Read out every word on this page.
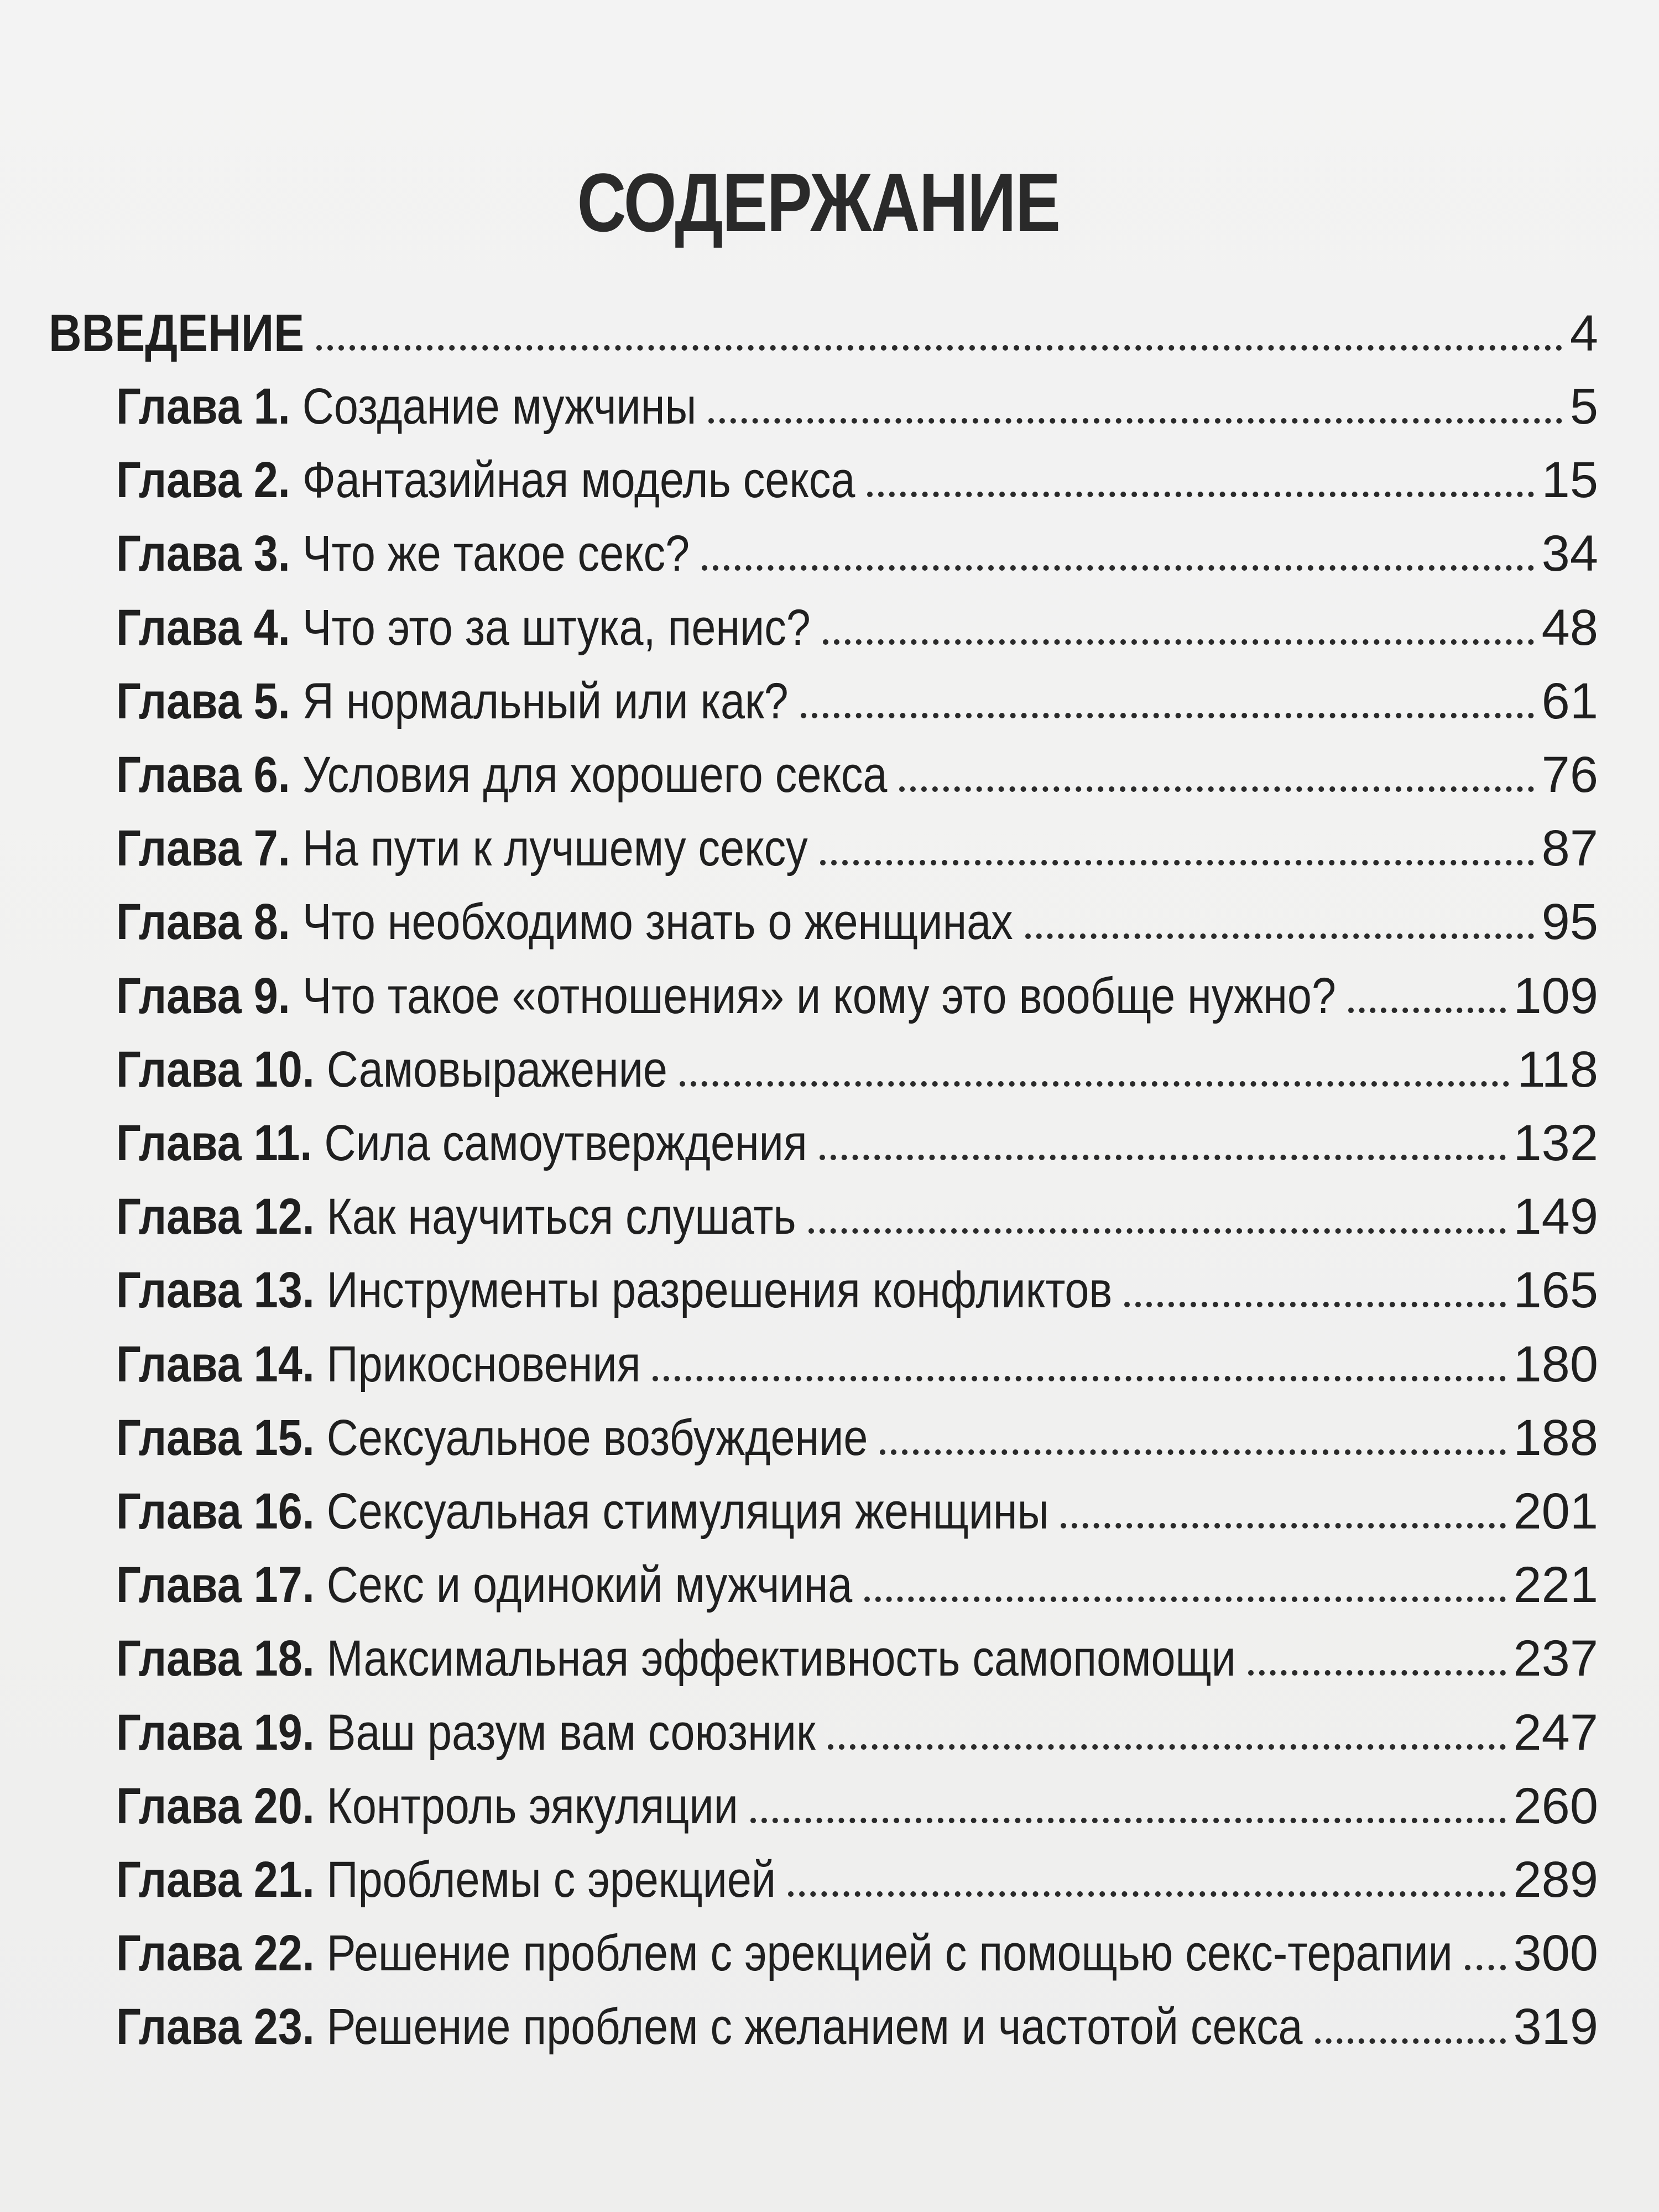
СОДЕРЖАНИЕ
ВВЕДЕНИЕ	4
Глава 1. Создание мужчины	5
Глава 2. Фантазийная модель секса	15
Глава 3. Что же такое секс?	34
Глава 4. Что это за штука, пенис?	48
Глава 5. Я нормальный или как?	61
Глава 6. Условия для хорошего секса	76
Глава 7. На пути к лучшему сексу	87
Глава 8. Что необходимо знать о женщинах	95
Глава 9. Что такое «отношения» и кому это вообще нужно?	109
Глава 10. Самовыражение	118
Глава 11. Сила самоутверждения	132
Глава 12. Как научиться слушать	149
Глава 13. Инструменты разрешения конфликтов	165
Глава 14. Прикосновения	180
Глава 15. Сексуальное возбуждение	188
Глава 16. Сексуальная стимуляция женщины	201
Глава 17. Секс и одинокий мужчина	221
Глава 18. Максимальная эффективность самопомощи	237
Глава 19. Ваш разум вам союзник	247
Глава 20. Контроль эякуляции	260
Глава 21. Проблемы с эрекцией	289
Глава 22. Решение проблем с эрекцией с помощью секс-терапии 300
Глава 23. Решение проблем с желанием и частотой секса	319
